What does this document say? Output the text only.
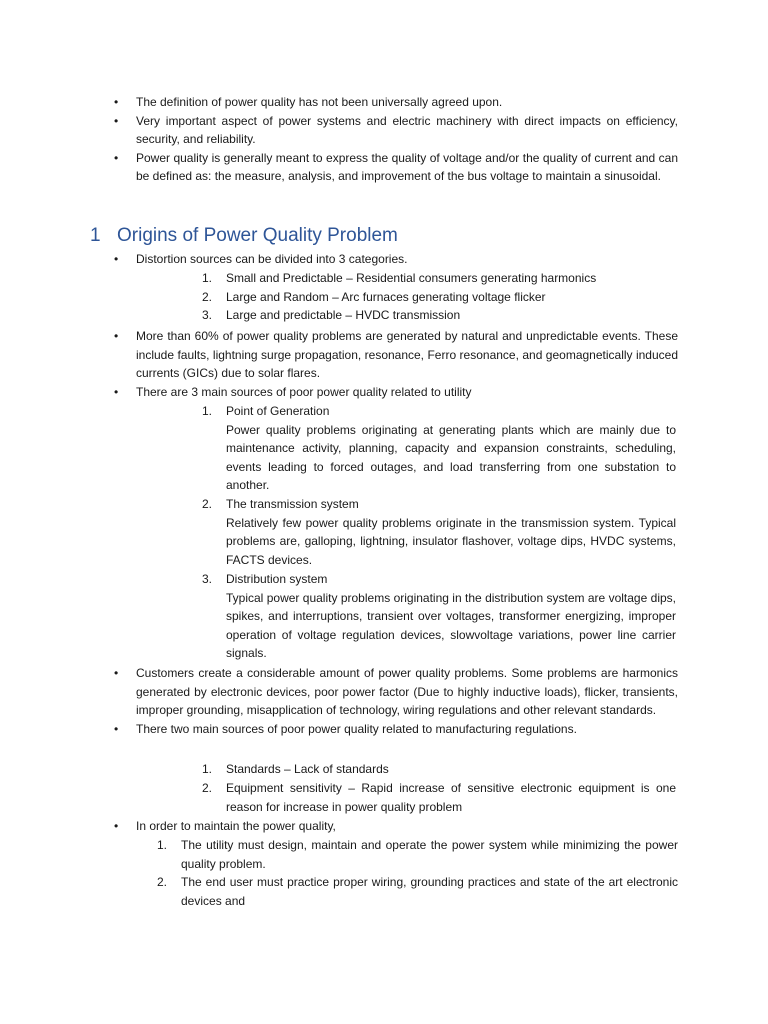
• The definition of power quality has not been universally agreed upon.
• Very important aspect of power systems and electric machinery with direct impacts on efficiency, security, and reliability.
• Power quality is generally meant to express the quality of voltage and/or the quality of current and can be defined as: the measure, analysis, and improvement of the bus voltage to maintain a sinusoidal.
1 Origins of Power Quality Problem
• Distortion sources can be divided into 3 categories.
1. Small and Predictable – Residential consumers generating harmonics
2. Large and Random – Arc furnaces generating voltage flicker
3. Large and predictable – HVDC transmission
• More than 60% of power quality problems are generated by natural and unpredictable events. These include faults, lightning surge propagation, resonance, Ferro resonance, and geomagnetically induced currents (GICs) due to solar flares.
• There are 3 main sources of poor power quality related to utility
1. Point of Generation
Power quality problems originating at generating plants which are mainly due to maintenance activity, planning, capacity and expansion constraints, scheduling, events leading to forced outages, and load transferring from one substation to another.
2. The transmission system
Relatively few power quality problems originate in the transmission system. Typical problems are, galloping, lightning, insulator flashover, voltage dips, HVDC systems, FACTS devices.
3. Distribution system
Typical power quality problems originating in the distribution system are voltage dips, spikes, and interruptions, transient over voltages, transformer energizing, improper operation of voltage regulation devices, slowvoltage variations, power line carrier signals.
• Customers create a considerable amount of power quality problems. Some problems are harmonics generated by electronic devices, poor power factor (Due to highly inductive loads), flicker, transients, improper grounding, misapplication of technology, wiring regulations and other relevant standards.
• There two main sources of poor power quality related to manufacturing regulations.
1. Standards – Lack of standards
2. Equipment sensitivity – Rapid increase of sensitive electronic equipment is one reason for increase in power quality problem
• In order to maintain the power quality,
1. The utility must design, maintain and operate the power system while minimizing the power quality problem.
2. The end user must practice proper wiring, grounding practices and state of the art electronic devices and
